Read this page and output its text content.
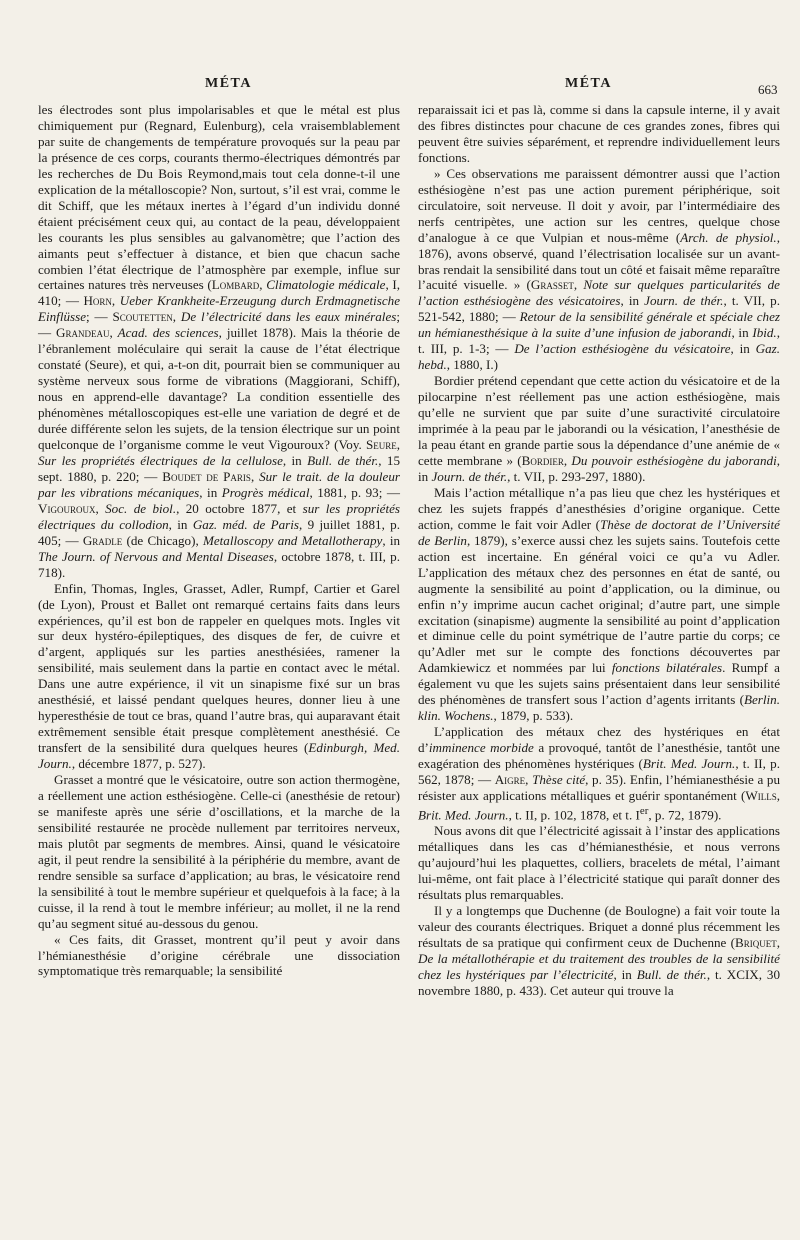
MÉTA	MÉTA	663

les électrodes sont plus impolarisables et que le métal est plus chimiquement pur (Regnard, Eulenburg), cela vraisemblablement par suite de changements de température provoqués sur la peau par la présence de ces corps, courants thermo-électriques démontrés par les recherches de Du Bois Reymond,mais tout cela donne-t-il une explication de la métalloscopie? Non, surtout, s’il est vrai, comme le dit Schiff, que les métaux inertes à l’égard d’un individu donné étaient précisément ceux qui, au contact de la peau, développaient les courants les plus sensibles au galvanomètre; que l’action des aimants peut s’effectuer à distance, et bien que chacun sache combien l’état électrique de l’atmosphère par exemple, influe sur certaines natures très nerveuses (Lombard, Climatologie médicale, I, 410; — Horn, Ueber Krankheite-Erzeugung durch Erdmagnetische Einflüsse; — Scoutetten, De l’électricité dans les eaux minérales; — Grandeau, Acad. des sciences, juillet 1878). Mais la théorie de l’ébranlement moléculaire qui serait la cause de l’état électrique constaté (Seure), et qui, a-t-on dit, pourrait bien se communiquer au système nerveux sous forme de vibrations (Maggiorani, Schiff), nous en apprend-elle davantage? La condition essentielle des phénomènes métalloscopiques est-elle une variation de degré et de durée différente selon les sujets, de la tension électrique sur un point quelconque de l’organisme comme le veut Vigouroux? (Voy. Seure, Sur les propriétés électriques de la cellulose, in Bull. de thér., 15 sept. 1880, p. 220; — Boudet de Paris, Sur le trait. de la douleur par les vibrations mécaniques, in Progrès médical, 1881, p. 93; — Vigouroux, Soc. de biol., 20 octobre 1877, et sur les propriétés électriques du collodion, in Gaz. méd. de Paris, 9 juillet 1881, p. 405; — Gradle (de Chicago), Metalloscopy and Metallotherapy, in The Journ. of Nervous and Mental Diseases, octobre 1878, t. III, p. 718).

Enfin, Thomas, Ingles, Grasset, Adler, Rumpf, Cartier et Garel (de Lyon), Proust et Ballet ont remarqué certains faits dans leurs expériences, qu’il est bon de rappeler en quelques mots. Ingles vit sur deux hystéro-épileptiques, des disques de fer, de cuivre et d’argent, appliqués sur les parties anesthésiées, ramener la sensibilité, mais seulement dans la partie en contact avec le métal. Dans une autre expérience, il vit un sinapisme fixé sur un bras anesthésié, et laissé pendant quelques heures, donner lieu à une hyperesthésie de tout ce bras, quand l’autre bras, qui auparavant était extrêmement sensible était presque complètement anesthésié. Ce transfert de la sensibilité dura quelques heures (Edinburgh, Med. Journ., décembre 1877, p. 527).

Grasset a montré que le vésicatoire, outre son action thermogène, a réellement une action esthésiogène. Celle-ci (anesthésie de retour) se manifeste après une série d’oscillations, et la marche de la sensibilité restaurée ne procède nullement par territoires nerveux, mais plutôt par segments de membres. Ainsi, quand le vésicatoire agit, il peut rendre la sensibilité à la périphérie du membre, avant de rendre sensible sa surface d’application; au bras, le vésicatoire rend la sensibilité à tout le membre supérieur et quelquefois à la face; à la cuisse, il la rend à tout le membre inférieur; au mollet, il ne la rend qu’au segment situé au-dessous du genou.

« Ces faits, dit Grasset, montrent qu’il peut y avoir dans l’hémianesthésie d’origine cérébrale une dissociation symptomatique très remarquable; la sensibilité

reparaissait ici et pas là, comme si dans la capsule interne, il y avait des fibres distinctes pour chacune de ces grandes zones, fibres qui peuvent être suivies séparément, et reprendre individuellement leurs fonctions.

» Ces observations me paraissent démontrer aussi que l’action esthésiogène n’est pas une action purement périphérique, soit circulatoire, soit nerveuse. Il doit y avoir, par l’intermédiaire des nerfs centripètes, une action sur les centres, quelque chose d’analogue à ce que Vulpian et nous-même (Arch. de physiol., 1876), avons observé, quand l’électrisation localisée sur un avant-bras rendait la sensibilité dans tout un côté et faisait même reparaître l’acuité visuelle. » (Grasset, Note sur quelques particularités de l’action esthésiogène des vésicatoires, in Journ. de thér., t. VII, p. 521-542, 1880; — Retour de la sensibilité générale et spéciale chez un hémianesthésique à la suite d’une infusion de jaborandi, in Ibid., t. III, p. 1-3; — De l’action esthésiogène du vésicatoire, in Gaz. hebd., 1880, I.)

Bordier prétend cependant que cette action du vésicatoire et de la pilocarpine n’est réellement pas une action esthésiogène, mais qu’elle ne survient que par suite d’une suractivité circulatoire imprimée à la peau par le jaborandi ou la vésication, l’anesthésie de la peau étant en grande partie sous la dépendance d’une anémie de « cette membrane » (Bordier, Du pouvoir esthésiogène du jaborandi, in Journ. de thér., t. VII, p. 293-297, 1880).

Mais l’action métallique n’a pas lieu que chez les hystériques et chez les sujets frappés d’anesthésies d’origine organique. Cette action, comme le fait voir Adler (Thèse de doctorat de l’Université de Berlin, 1879), s’exerce aussi chez les sujets sains. Toutefois cette action est incertaine. En général voici ce qu’a vu Adler. L’application des métaux chez des personnes en état de santé, ou augmente la sensibilité au point d’application, ou la diminue, ou enfin n’y imprime aucun cachet original; d’autre part, une simple excitation (sinapisme) augmente la sensibilité au point d’application et diminue celle du point symétrique de l’autre partie du corps; ce qu’Adler met sur le compte des fonctions découvertes par Adamkiewicz et nommées par lui fonctions bilatérales. Rumpf a également vu que les sujets sains présentaient dans leur sensibilité des phénomènes de transfert sous l’action d’agents irritants (Berlin. klin. Wochens., 1879, p. 533).

L’application des métaux chez des hystériques en état d’imminence morbide a provoqué, tantôt de l’anesthésie, tantôt une exagération des phénomènes hystériques (Brit. Med. Journ., t. II, p. 562, 1878; — Aigre, Thèse cité, p. 35). Enfin, l’hémianesthésie a pu résister aux applications métalliques et guérir spontanément (Wills, Brit. Med. Journ., t. II, p. 102, 1878, et t. Ier, p. 72, 1879).

Nous avons dit que l’électricité agissait à l’instar des applications métalliques dans les cas d’hémianesthésie, et nous verrons qu’aujourd’hui les plaquettes, colliers, bracelets de métal, l’aimant lui-même, ont fait place à l’électricité statique qui paraît donner des résultats plus remarquables.

Il y a longtemps que Duchenne (de Boulogne) a fait voir toute la valeur des courants électriques. Briquet a donné plus récemment les résultats de sa pratique qui confirment ceux de Duchenne (Briquet, De la métallothérapie et du traitement des troubles de la sensibilité chez les hystériques par l’électricité, in Bull. de thér., t. XCIX, 30 novembre 1880, p. 433). Cet auteur qui trouve la
